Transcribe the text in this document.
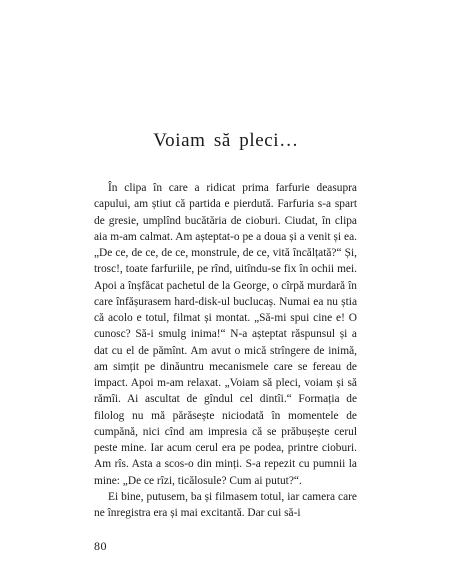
Voiam să pleci…

În clipa în care a ridicat prima farfurie deasupra capului, am știut că partida e pierdută. Farfuria s-a spart de gresie, umplînd bucătăria de cioburi. Ciudat, în clipa aia m-am calmat. Am așteptat-o pe a doua și a venit și ea. „De ce, de ce, de ce, monstrule, de ce, vită încălțată?“ Și, trosc!, toate farfuriile, pe rînd, uitîndu-se fix în ochii mei. Apoi a înșfăcat pachetul de la George, o cîrpă murdară în care înfășurasem hard-disk-ul buclucaș. Numai ea nu știa că acolo e totul, filmat și montat. „Să-mi spui cine e! O cunosc? Să-i smulg inima!“ N-a așteptat răspunsul și a dat cu el de pămînt. Am avut o mică strîngere de inimă, am simțit pe dinăuntru mecanismele care se fereau de impact. Apoi m-am relaxat. „Voiam să pleci, voiam și să rămîi. Ai ascultat de gîndul cel dintîi.“ Formația de filolog nu mă părăsește niciodată în momentele de cumpănă, nici cînd am impresia că se prăbușește cerul peste mine. Iar acum cerul era pe podea, printre cioburi. Am rîs. Asta a scos-o din minți. S-a repezit cu pumnii la mine: „De ce rîzi, ticălosule? Cum ai putut?“.

Ei bine, putusem, ba și filmasem totul, iar camera care ne înregistra era și mai excitantă. Dar cui să-i

80
